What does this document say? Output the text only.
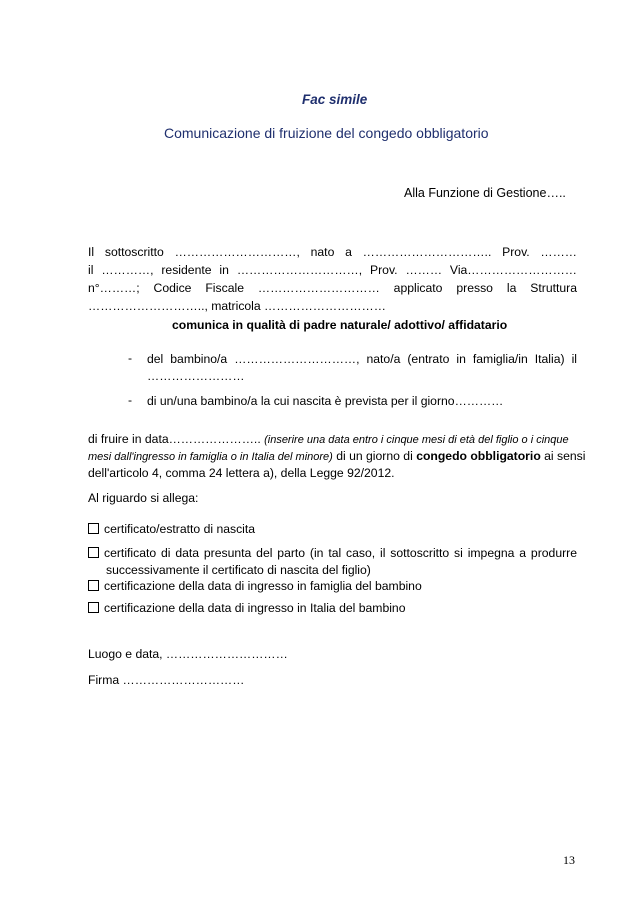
Fac simile
Comunicazione di fruizione del congedo obbligatorio
Alla Funzione di Gestione…..
Il sottoscritto …………………………, nato a ………………………….. Prov. ………
il …………, residente in …………………………, Prov. ……… Via………………………
n°………; Codice Fiscale ………………………… applicato presso la Struttura
……………………….., matricola …………………………
comunica in qualità di padre naturale/ adottivo/ affidatario
- del bambino/a …………………………, nato/a (entrato in famiglia/in Italia) il
……………………
- di un/una bambino/a la cui nascita è prevista per il giorno…………
di fruire in data………………….. (inserire una data entro i cinque mesi di età del figlio o i cinque
mesi dall'ingresso in famiglia o in Italia del minore) di un giorno di congedo obbligatorio ai sensi
dell'articolo 4, comma 24 lettera a), della Legge 92/2012.
Al riguardo si allega:
certificato/estratto di nascita
certificato di data presunta del parto (in tal caso, il sottoscritto si impegna a produrre
successivamente il certificato di nascita del figlio)
certificazione della data di ingresso in famiglia del bambino
certificazione della data di ingresso in Italia del bambino
Luogo e data, …………………………
Firma …………………………
13
